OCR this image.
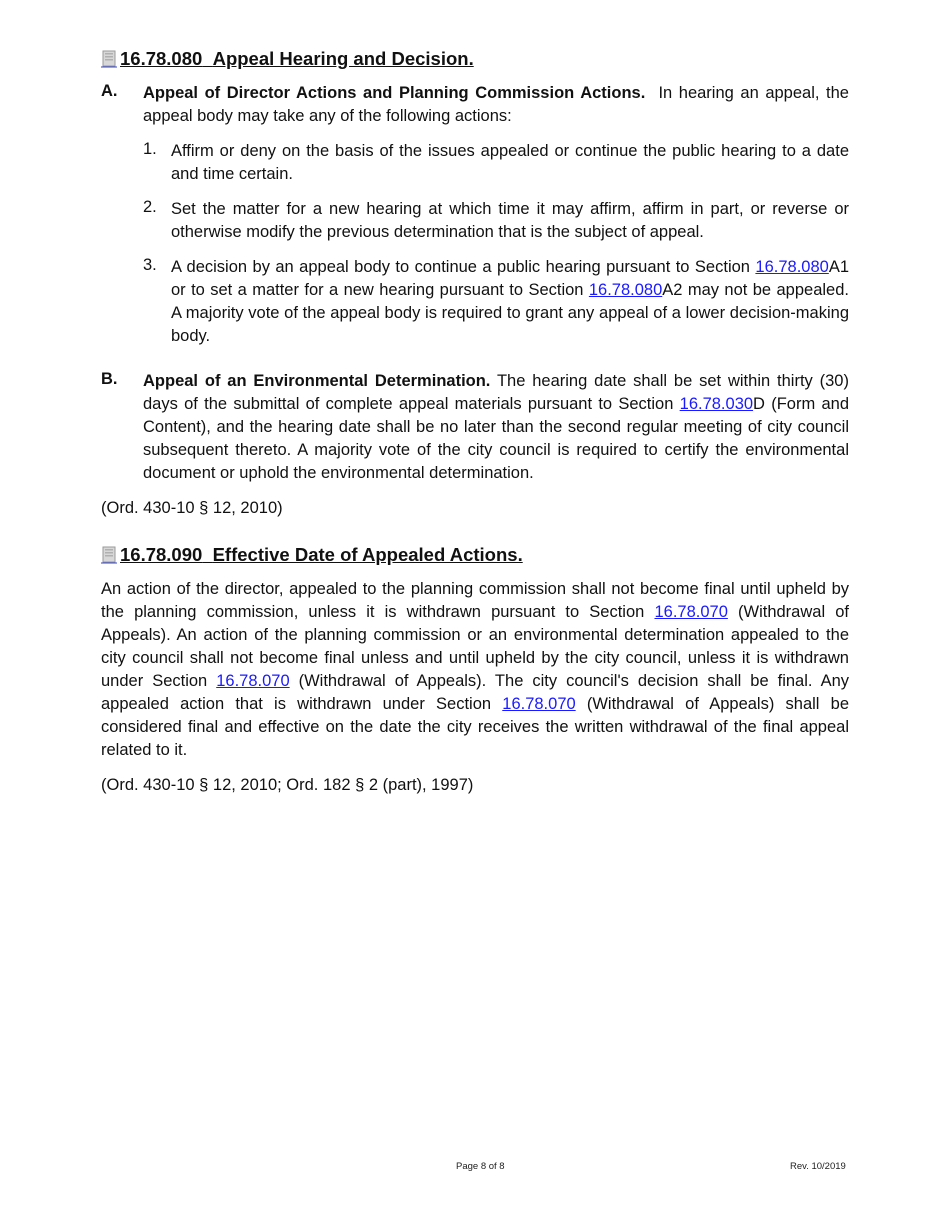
16.78.080
Appeal Hearing and Decision.
A.	Appeal of Director Actions and Planning Commission Actions. In hearing an appeal, the appeal body may take any of the following actions:

1. Affirm or deny on the basis of the issues appealed or continue the public hearing to a date and time certain.

2. Set the matter for a new hearing at which time it may affirm, affirm in part, or reverse or otherwise modify the previous determination that is the subject of appeal.

3. A decision by an appeal body to continue a public hearing pursuant to Section 16.78.080A1 or to set a matter for a new hearing pursuant to Section 16.78.080A2 may not be appealed. A majority vote of the appeal body is required to grant any appeal of a lower decision-making body.

B.	Appeal of an Environmental Determination. The hearing date shall be set within thirty (30) days of the submittal of complete appeal materials pursuant to Section 16.78.030D (Form and Content), and the hearing date shall be no later than the second regular meeting of city council subsequent thereto. A majority vote of the city council is required to certify the environmental document or uphold the environmental determination.

(Ord. 430-10 § 12, 2010)

16.78.090
Effective Date of Appealed Actions.

An action of the director, appealed to the planning commission shall not become final until upheld by the planning commission, unless it is withdrawn pursuant to Section 16.78.070 (Withdrawal of Appeals). An action of the planning commission or an environmental determination appealed to the city council shall not become final unless and until upheld by the city council, unless it is withdrawn under Section 16.78.070 (Withdrawal of Appeals). The city council's decision shall be final. Any appealed action that is withdrawn under Section 16.78.070 (Withdrawal of Appeals) shall be considered final and effective on the date the city receives the written withdrawal of the final appeal related to it.

(Ord. 430-10 § 12, 2010; Ord. 182 § 2 (part), 1997)

Page 8 of 8	Rev. 10/2019
